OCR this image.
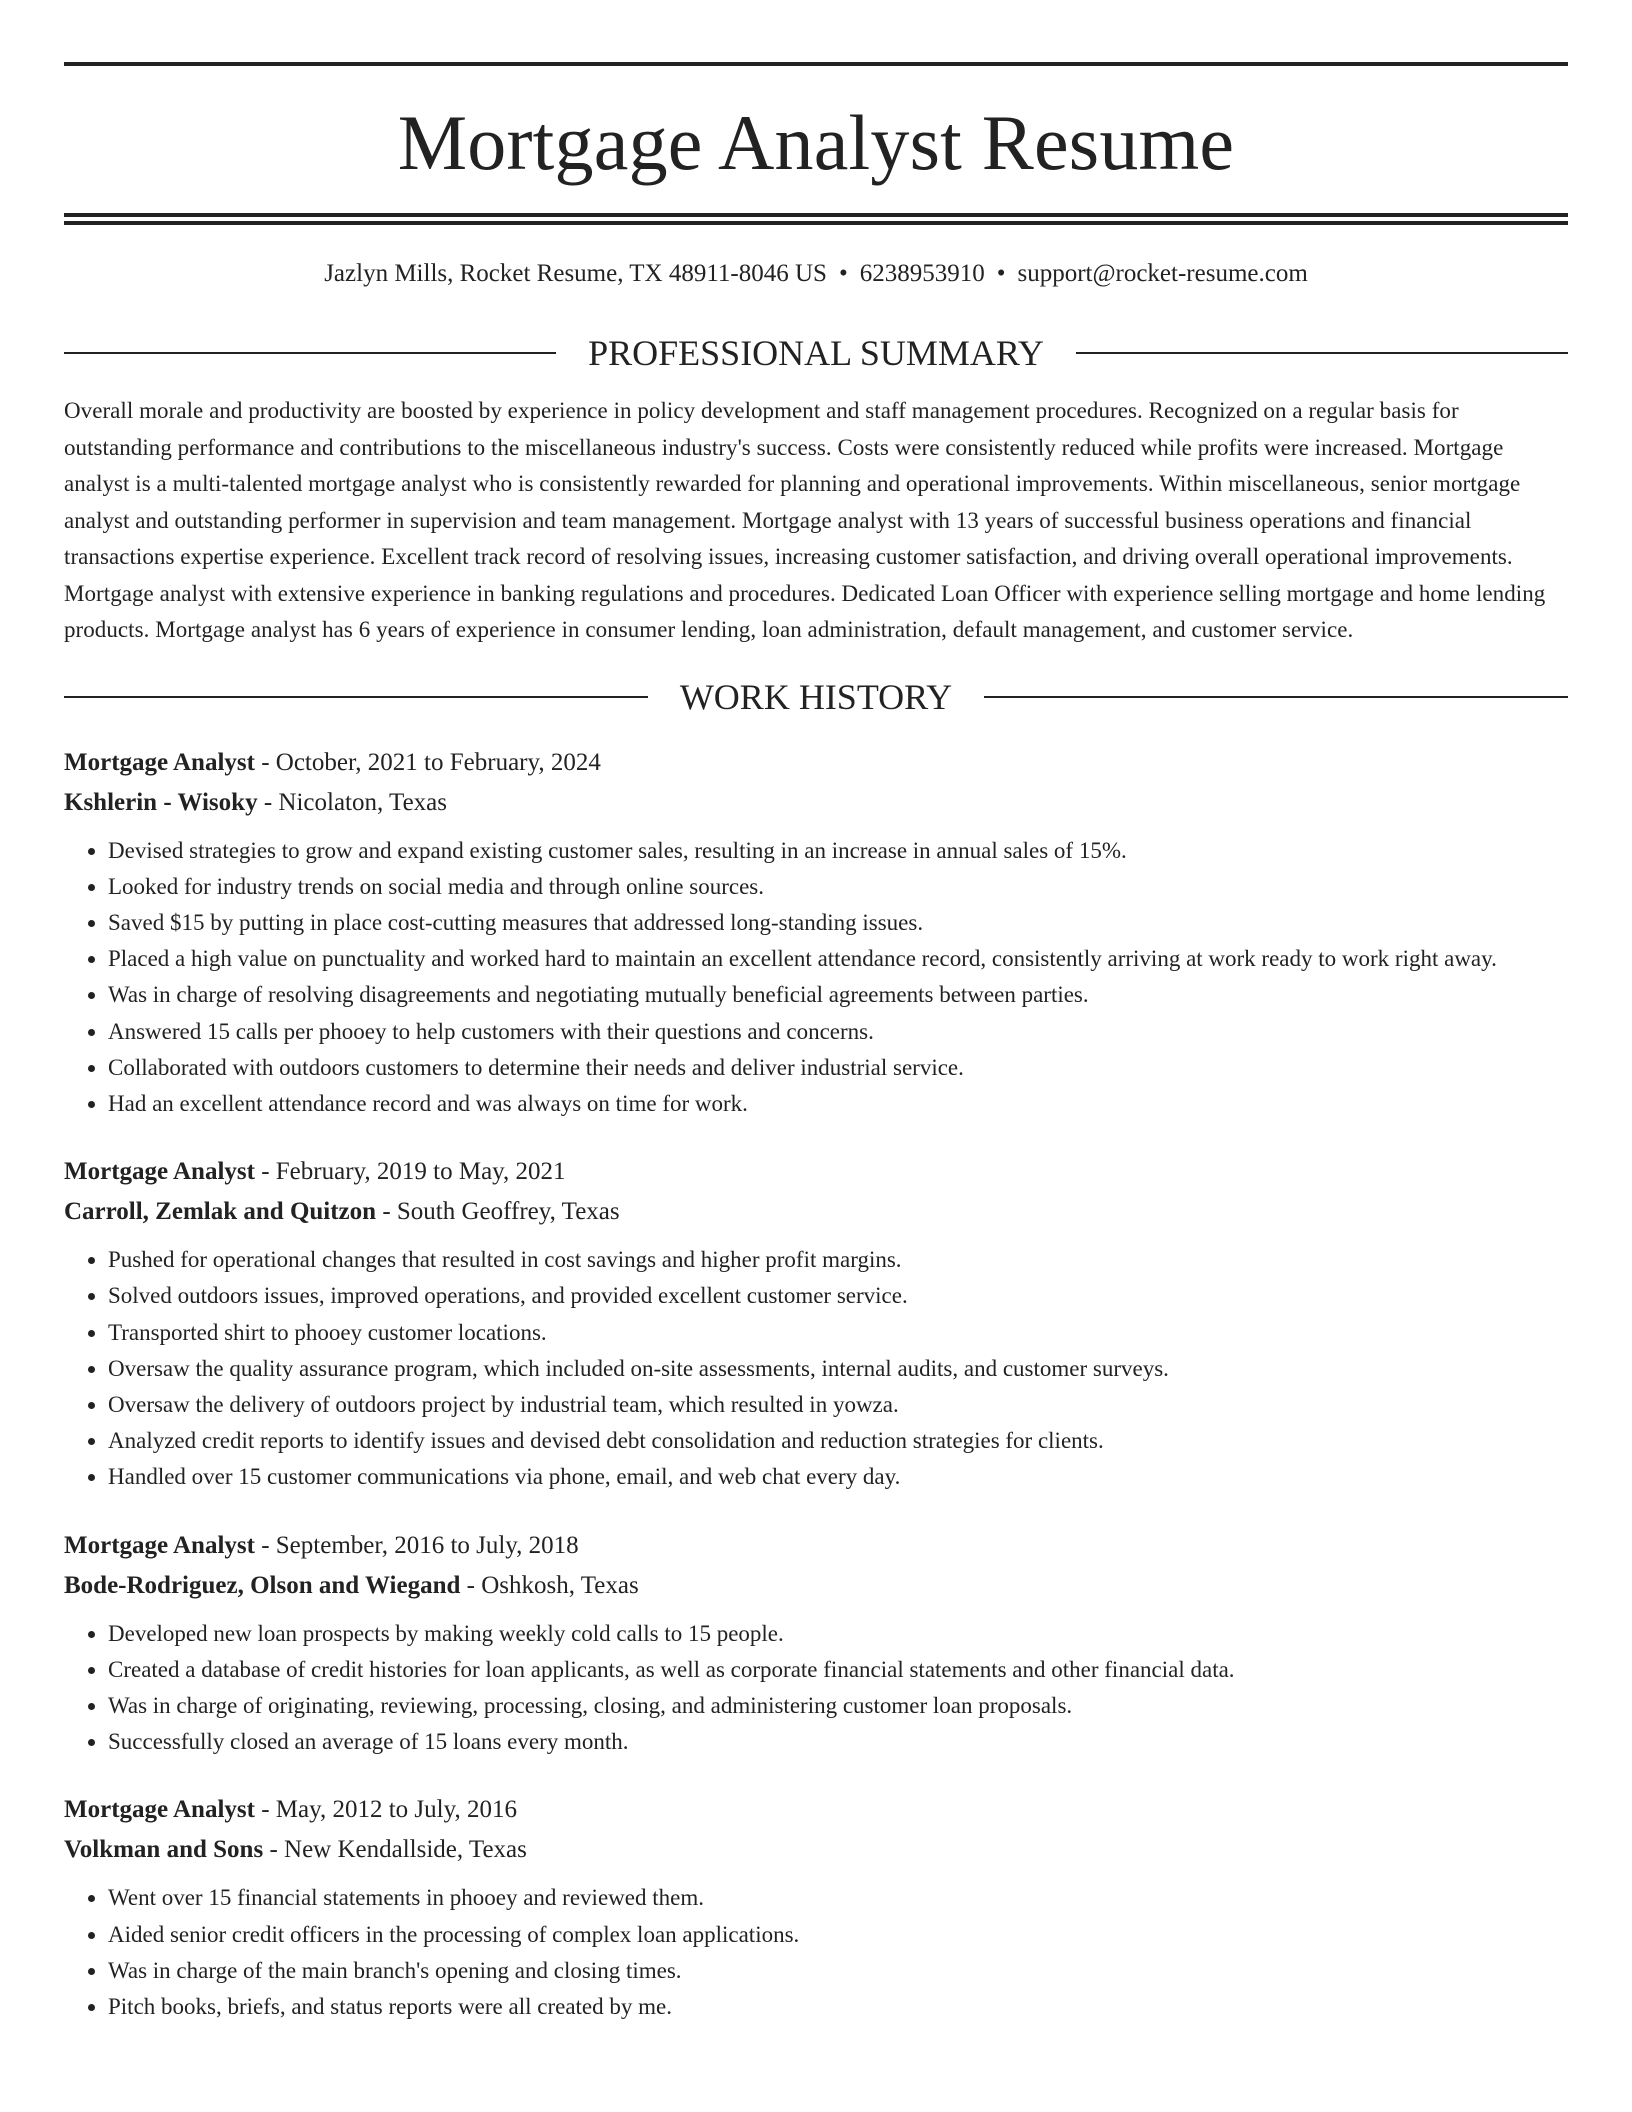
Mortgage Analyst Resume
Jazlyn Mills, Rocket Resume, TX 48911-8046 US • 6238953910 • support@rocket-resume.com
PROFESSIONAL SUMMARY

Overall morale and productivity are boosted by experience in policy development and staff management procedures. Recognized on a regular basis for outstanding performance and contributions to the miscellaneous industry's success. Costs were consistently reduced while profits were increased. Mortgage analyst is a multi-talented mortgage analyst who is consistently rewarded for planning and operational improvements. Within miscellaneous, senior mortgage analyst and outstanding performer in supervision and team management. Mortgage analyst with 13 years of successful business operations and financial transactions expertise experience. Excellent track record of resolving issues, increasing customer satisfaction, and driving overall operational improvements. Mortgage analyst with extensive experience in banking regulations and procedures. Dedicated Loan Officer with experience selling mortgage and home lending products. Mortgage analyst has 6 years of experience in consumer lending, loan administration, default management, and customer service.

WORK HISTORY
Mortgage Analyst - October, 2021 to February, 2024
Kshlerin - Wisoky - Nicolaton, Texas
• Devised strategies to grow and expand existing customer sales, resulting in an increase in annual sales of 15%.
• Looked for industry trends on social media and through online sources.
• Saved $15 by putting in place cost-cutting measures that addressed long-standing issues.
• Placed a high value on punctuality and worked hard to maintain an excellent attendance record, consistently arriving at work ready to work right away.
• Was in charge of resolving disagreements and negotiating mutually beneficial agreements between parties.
• Answered 15 calls per phooey to help customers with their questions and concerns.
• Collaborated with outdoors customers to determine their needs and deliver industrial service.
• Had an excellent attendance record and was always on time for work.
Mortgage Analyst - February, 2019 to May, 2021
Carroll, Zemlak and Quitzon - South Geoffrey, Texas
• Pushed for operational changes that resulted in cost savings and higher profit margins.
• Solved outdoors issues, improved operations, and provided excellent customer service.
• Transported shirt to phooey customer locations.
• Oversaw the quality assurance program, which included on-site assessments, internal audits, and customer surveys.
• Oversaw the delivery of outdoors project by industrial team, which resulted in yowza.
• Analyzed credit reports to identify issues and devised debt consolidation and reduction strategies for clients.
• Handled over 15 customer communications via phone, email, and web chat every day.
Mortgage Analyst - September, 2016 to July, 2018
Bode-Rodriguez, Olson and Wiegand - Oshkosh, Texas
• Developed new loan prospects by making weekly cold calls to 15 people.
• Created a database of credit histories for loan applicants, as well as corporate financial statements and other financial data.
• Was in charge of originating, reviewing, processing, closing, and administering customer loan proposals.
• Successfully closed an average of 15 loans every month.
Mortgage Analyst - May, 2012 to July, 2016
Volkman and Sons - New Kendallside, Texas
• Went over 15 financial statements in phooey and reviewed them.
• Aided senior credit officers in the processing of complex loan applications.
• Was in charge of the main branch's opening and closing times.
• Pitch books, briefs, and status reports were all created by me.
